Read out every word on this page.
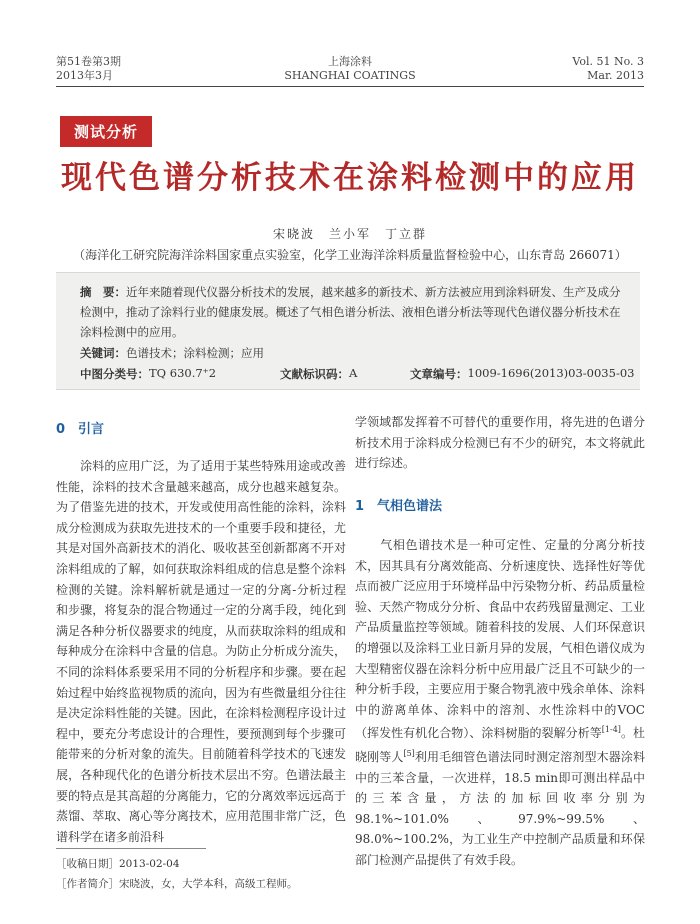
第51卷第3期
2013年3月
上海涂料
SHANGHAI COATINGS
Vol. 51 No. 3
Mar. 2013
测试分析
现代色谱分析技术在涂料检测中的应用
宋晓波　兰小军　丁立群
（海洋化工研究院海洋涂料国家重点实验室，化学工业海洋涂料质量监督检验中心，山东青岛 266071）
摘　要：近年来随着现代仪器分析技术的发展，越来越多的新技术、新方法被应用到涂料研发、生产及成分检测中，推动了涂料行业的健康发展。概述了气相色谱分析法、液相色谱分析法等现代色谱仪器分析技术在涂料检测中的应用。
关键词：色谱技术；涂料检测；应用
中图分类号： TQ 630.7⁺2	文献标识码： A	文章编号： 1009-1696(2013)03-0035-03
0　引言
　　涂料的应用广泛，为了适用于某些特殊用途或改善性能，涂料的技术含量越来越高，成分也越来越复杂。为了借鉴先进的技术，开发或使用高性能的涂料，涂料成分检测成为获取先进技术的一个重要手段和捷径，尤其是对国外高新技术的消化、吸收甚至创新都离不开对涂料组成的了解，如何获取涂料组成的信息是整个涂料检测的关键。涂料解析就是通过一定的分离-分析过程和步骤，将复杂的混合物通过一定的分离手段，纯化到满足各种分析仪器要求的纯度，从而获取涂料的组成和每种成分在涂料中含量的信息。为防止分析成分流失，不同的涂料体系要采用不同的分析程序和步骤。要在起始过程中始终监视物质的流向，因为有些微量组分往往是决定涂料性能的关键。因此，在涂料检测程序设计过程中，要充分考虑设计的合理性，要预测到每个步骤可能带来的分析对象的流失。目前随着科学技术的飞速发展，各种现代化的色谱分析技术层出不穷。色谱法最主要的特点是其高超的分离能力，它的分离效率远远高于蒸馏、萃取、离心等分离技术，应用范围非常广泛，色谱科学在诸多前沿科
学领域都发挥着不可替代的重要作用，将先进的色谱分析技术用于涂料成分检测已有不少的研究，本文将就此进行综述。
1　气相色谱法
　　气相色谱技术是一种可定性、定量的分离分析技术，因其具有分离效能高、分析速度快、选择性好等优点而被广泛应用于环境样品中污染物分析、药品质量检验、天然产物成分分析、食品中农药残留量测定、工业产品质量监控等领域。随着科技的发展、人们环保意识的增强以及涂料工业日新月异的发展，气相色谱仪成为大型精密仪器在涂料分析中应用最广泛且不可缺少的一种分析手段，主要应用于聚合物乳液中残余单体、涂料中的游离单体、涂料中的溶剂、水性涂料中的VOC（挥发性有机化合物）、涂料树脂的裂解分析等[1-4]。杜晓刚等人[5]利用毛细管色谱法同时测定溶剂型木器涂料中的三苯含量，一次进样，18.5 min即可测出样品中的三苯含量，方法的加标回收率分别为98.1%~101.0%、97.9%~99.5%、98.0%~100.2%，为工业生产中控制产品质量和环保部门检测产品提供了有效手段。
［收稿日期］2013-02-04
［作者简介］宋晓波，女，大学本科，高级工程师。
